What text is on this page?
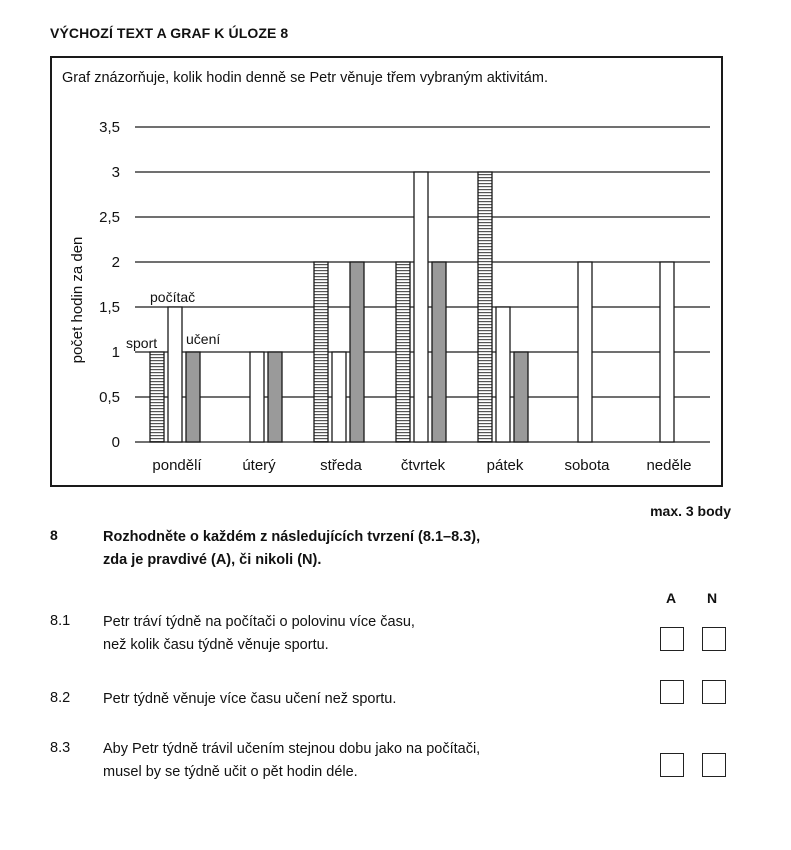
VÝCHOZÍ TEXT A GRAF K ÚLOZE 8
Graf znázorňuje, kolik hodin denně se Petr věnuje třem vybraným aktivitám.
0
0,5
1
1,5
2
2,5
3
3,5
pondělí	úterý	středa	čtvrtek	pátek	sobota neděle
sport
počítač
učení
počet hodin za den
max. 3 body
8	Rozhodněte o každém z následujících tvrzení (8.1–8.3),
zda je pravdivé (A), či nikoli (N).
A N
8.1 Petr tráví týdně na počítači o polovinu více času,
než kolik času týdně věnuje sportu.
8.2 Petr týdně věnuje více času učení než sportu.
8.3 Aby Petr týdně trávil učením stejnou dobu jako na počítači,
musel by se týdně učit o pět hodin déle.
